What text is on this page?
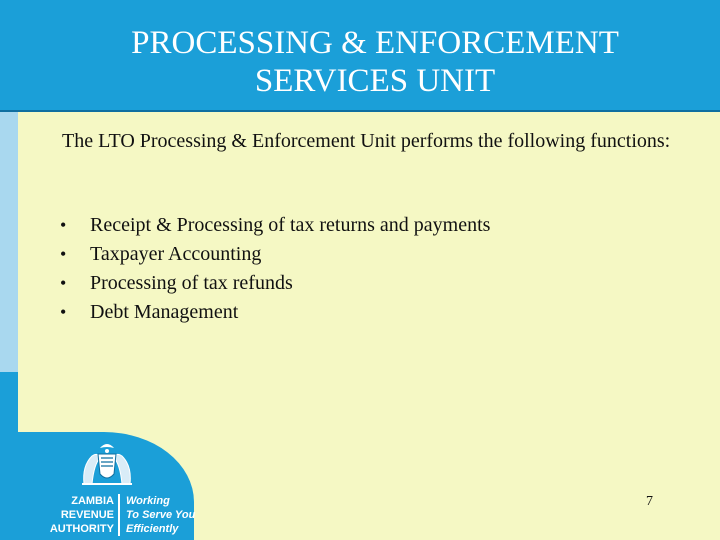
PROCESSING & ENFORCEMENT SERVICES UNIT

The LTO Processing & Enforcement Unit performs the following functions:

•	Receipt & Processing of tax returns and payments
•	Taxpayer Accounting
•	Processing of tax refunds
•	Debt Management
ZAMBIA
REVENUE
AUTHORITY
Working
To Serve You
Efficiently
7
